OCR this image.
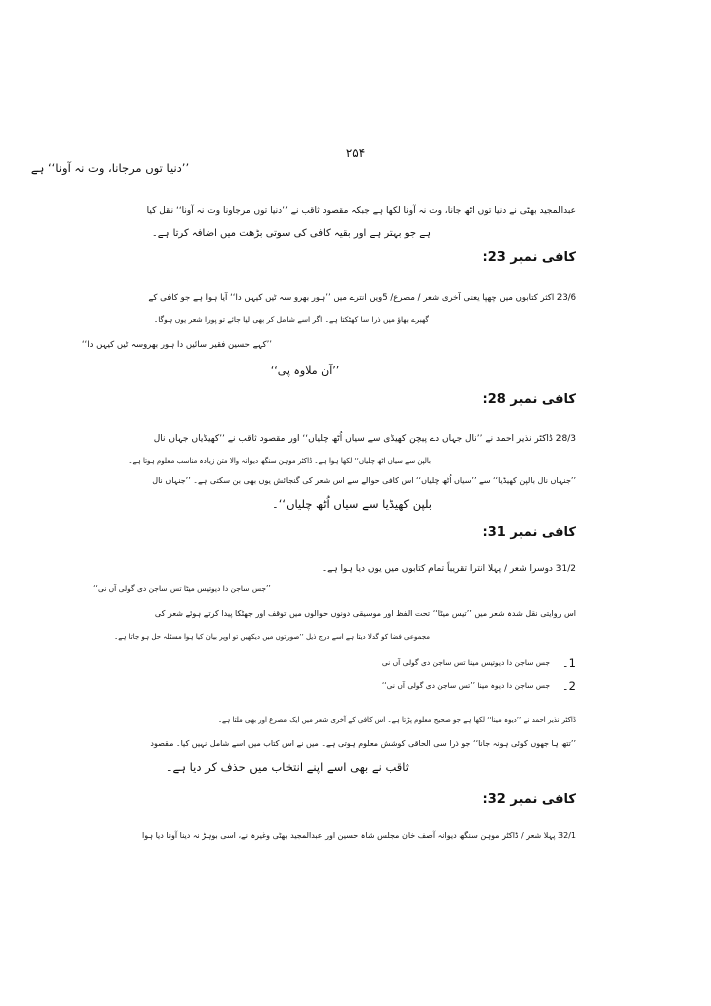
۲۵۴
’’دنیا توں مرجانا، وت نہ آونا‘‘ ہے
عبدالمجید بھٹی نے دنیا توں اٹھ جانا، وت نہ آونا لکھا ہے جبکہ مقصود ثاقب نے ’’دنیا توں مرجاونا وت نہ آونا‘‘ نقل کیا
ہے جو بہتر ہے اور بقیہ کافی کی سوتی بڑھت میں اضافہ کرتا ہے۔
کافی نمبر 23:
23/6 اکثر کتابوں میں چھپا یعنی آخری شعر / مصرع/ 5ویں انترے میں ’’ہور بھرو سہ ٹیں کیہں دا‘‘ آیا ہوا ہے جو کافی کے
گھبرے بھاؤ میں ذرا سا کھٹکتا ہے۔ اگر اسے شامل کر بھی لیا جائے تو پورا شعر یوں ہوگا۔
’’کہے حسین فقیر سائیں دا ہور بھروسہ ٹیں کیہں دا‘‘
’’آن ملاوہ پی‘‘
کافی نمبر 28:
28/3 ڈاکٹر نذیر احمد نے ’’نال جہاں دے پیچن کھیڈی سے سیاں اُٹھ چلیاں‘‘ اور مقصود ثاقب نے ’’کھیڈیاں جہاں نال
بالپن سے سیاں اٹھ چلیاں‘‘ لکھا ہوا ہے۔ ڈاکٹر موہن سنگھ دیوانہ والا متن زیادہ مناسب معلوم ہوتا ہے۔
’’جنہاں نال بالپن کھیڈیا‘‘ سے ’’سیاں اُٹھ چلیاں‘‘ اس کافی حوالے سے اس شعر کی گنجائش یوں بھی بن سکتی ہے۔ ’’جنہاں نال
بلپن کھیڈیا سے سیاں اُٹھ چلیاں‘‘۔
کافی نمبر 31:
31/2 دوسرا شعر / پہلا انترا تقریباً تمام کتابوں میں یوں دیا ہوا ہے۔
’’جس ساجن دا دیوتیس میٹا تس ساجن دی گولی آں نی‘‘
اس روایتی نقل شدہ شعر میں ’’تیس میٹا‘‘ تحت الفظ اور موسیقی دونوں حوالوں میں توقف اور جھٹکا پیدا کرتے ہوئے شعر کی
مجموعی فضا کو گدلا دیتا ہے اسے درج ذیل ’’صورتوں میں دیکھیں تو اوپر بیان کیا ہوا مسئلہ حل ہو جاتا ہے۔
جس ساجن دا دیوتیس مینا تس ساجن دی گولی آں نی 1۔
جس ساجن دا دیوہ مینا ’’تس ساجن دی گولی آں نی‘‘ 2۔
ڈاکٹر نذیر احمد نے ’’دیوہ مینا‘‘ لکھا ہے جو صحیح معلوم پڑتا ہے۔ اس کافی کے آخری شعر میں ایک مصرع اور بھی ملتا ہے۔
’’تتھ ہا جھوں کوئی ہونہ جانا‘‘ جو ذرا سی الحاقی کوشش معلوم ہوتی ہے۔ میں نے اس کتاب میں اسے شامل نہیں کیا۔ مقصود
ثاقب نے بھی اسے اپنے انتخاب میں حذف کر دیا ہے۔
کافی نمبر 32:
32/1 پہلا شعر / ڈاکٹر موہن سنگھ دیوانہ آصف خان مجلس شاہ حسین اور عبدالمجید بھٹی وغیرہ نے، اسی بوہڑ نہ دینا آونا دیا ہوا
